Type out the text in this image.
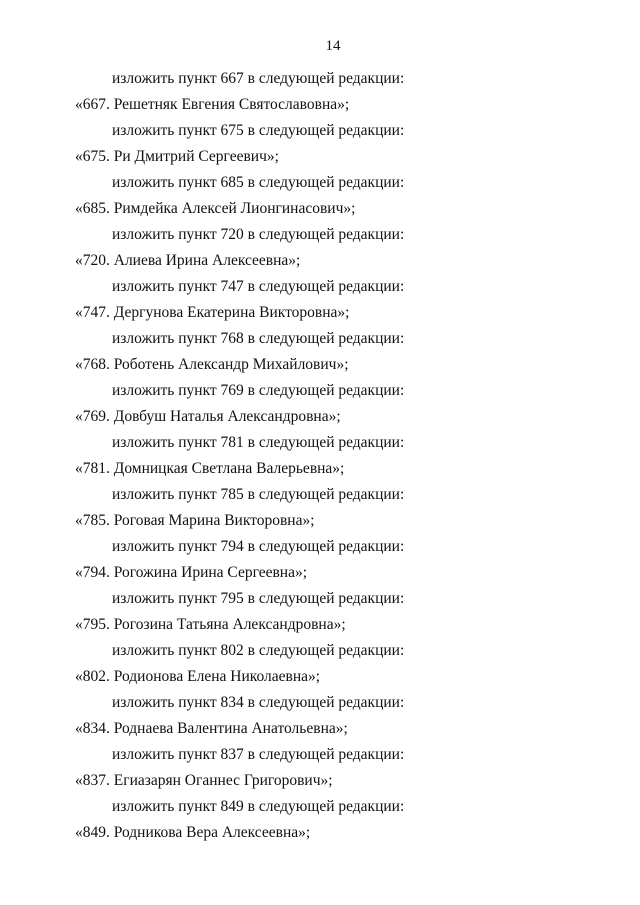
14
изложить пункт 667 в следующей редакции:
«667. Решетняк Евгения Святославовна»;
изложить пункт 675 в следующей редакции:
«675. Ри Дмитрий Сергеевич»;
изложить пункт 685 в следующей редакции:
«685. Римдейка Алексей Лионгинасович»;
изложить пункт 720 в следующей редакции:
«720. Алиева Ирина Алексеевна»;
изложить пункт 747 в следующей редакции:
«747. Дергунова Екатерина Викторовна»;
изложить пункт 768 в следующей редакции:
«768. Роботень Александр Михайлович»;
изложить пункт 769 в следующей редакции:
«769. Довбуш Наталья Александровна»;
изложить пункт 781 в следующей редакции:
«781. Домницкая Светлана Валерьевна»;
изложить пункт 785 в следующей редакции:
«785. Роговая Марина Викторовна»;
изложить пункт 794 в следующей редакции:
«794. Рогожина Ирина Сергеевна»;
изложить пункт 795 в следующей редакции:
«795. Рогозина Татьяна Александровна»;
изложить пункт 802 в следующей редакции:
«802. Родионова Елена Николаевна»;
изложить пункт 834 в следующей редакции:
«834. Роднаева Валентина Анатольевна»;
изложить пункт 837 в следующей редакции:
«837. Егиазарян Оганнес Григорович»;
изложить пункт 849 в следующей редакции:
«849. Родникова Вера Алексеевна»;
